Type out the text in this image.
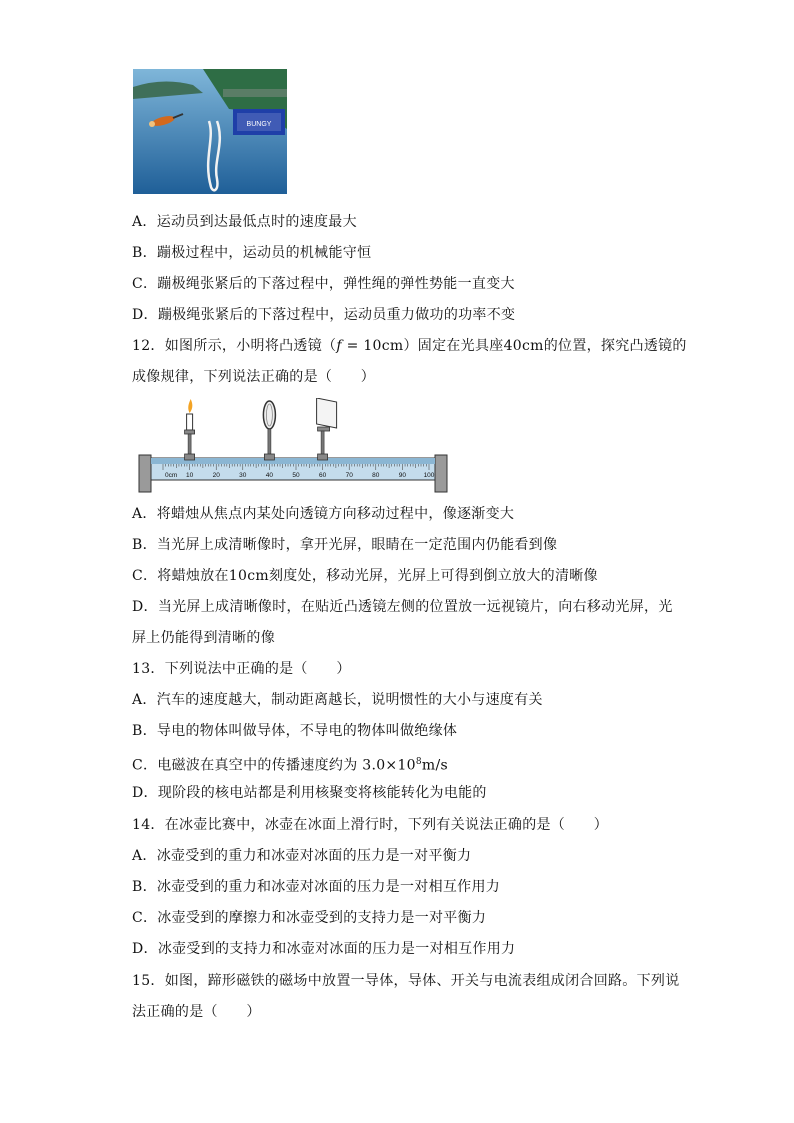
BUNGY
A．运动员到达最低点时的速度最大
B．蹦极过程中，运动员的机械能守恒
C．蹦极绳张紧后的下落过程中，弹性绳的弹性势能一直变大
D．蹦极绳张紧后的下落过程中，运动员重力做功的功率不变
12．如图所示，小明将凸透镜（f = 10cm）固定在光具座40cm的位置，探究凸透镜的
成像规律，下列说法正确的是（　　）
0cm 10	20	30	40	50	60	70	80	90	100
A．将蜡烛从焦点内某处向透镜方向移动过程中，像逐渐变大
B．当光屏上成清晰像时，拿开光屏，眼睛在一定范围内仍能看到像
C．将蜡烛放在10cm刻度处，移动光屏，光屏上可得到倒立放大的清晰像
D．当光屏上成清晰像时，在贴近凸透镜左侧的位置放一远视镜片，向右移动光屏，光
屏上仍能得到清晰的像
13．下列说法中正确的是（　　）
A．汽车的速度越大，制动距离越长，说明惯性的大小与速度有关
B．导电的物体叫做导体，不导电的物体叫做绝缘体
C．电磁波在真空中的传播速度约为 $3.0\times 10^8m/s$
D．现阶段的核电站都是利用核聚变将核能转化为电能的
14．在冰壶比赛中，冰壶在冰面上滑行时，下列有关说法正确的是（　　）
A．冰壶受到的重力和冰壶对冰面的压力是一对平衡力
B．冰壶受到的重力和冰壶对冰面的压力是一对相互作用力
C．冰壶受到的摩擦力和冰壶受到的支持力是一对平衡力
D．冰壶受到的支持力和冰壶对冰面的压力是一对相互作用力
15．如图，蹄形磁铁的磁场中放置一导体，导体、开关与电流表组成闭合回路。下列说
法正确的是（　　）
